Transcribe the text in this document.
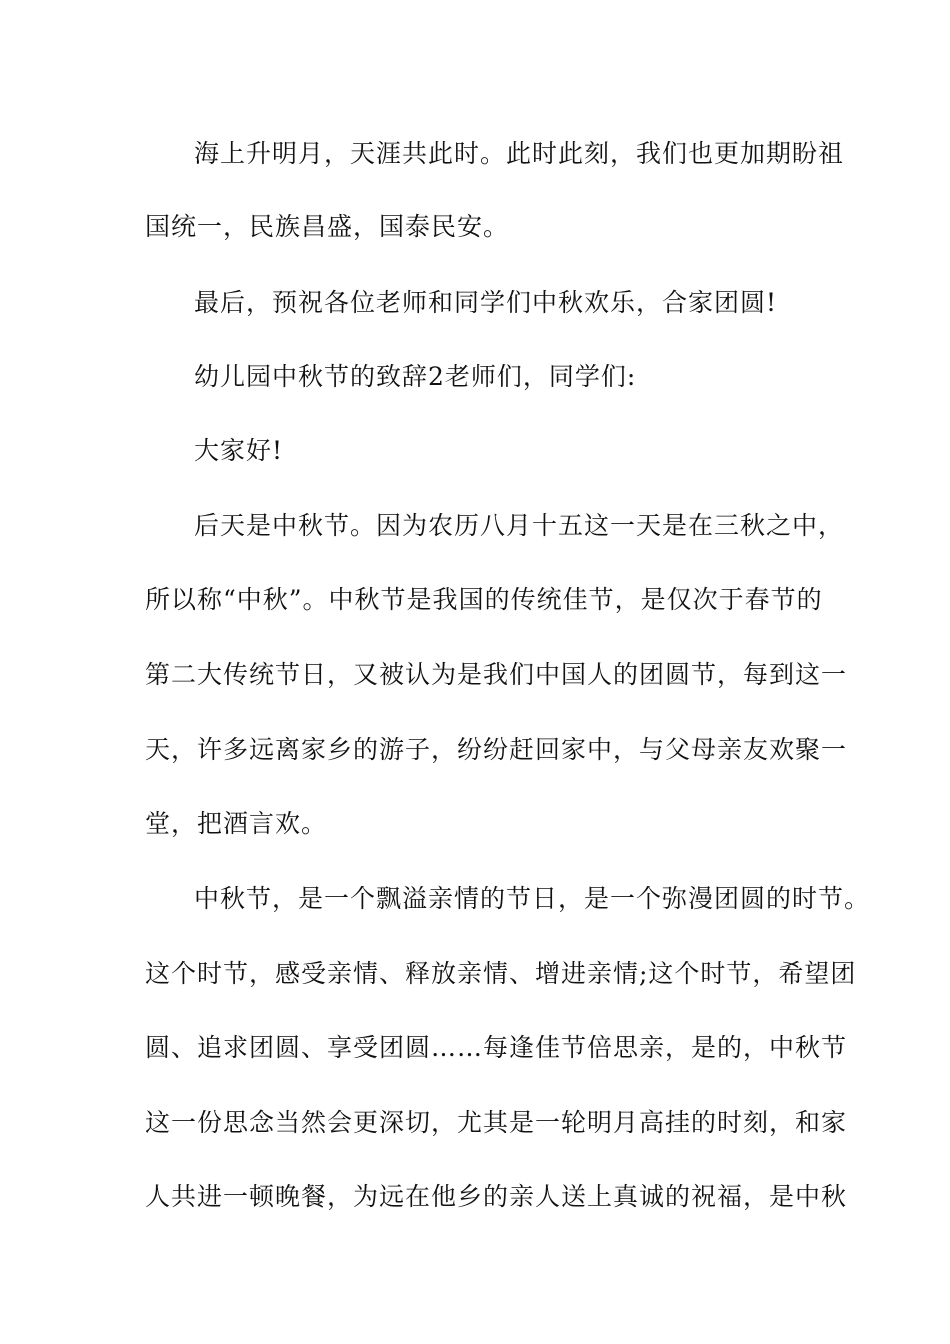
海上升明月，天涯共此时。此时此刻，我们也更加期盼祖
国统一，民族昌盛，国泰民安。
最后，预祝各位老师和同学们中秋欢乐，合家团圆!
幼儿园中秋节的致辞2老师们，同学们:
大家好!
后天是中秋节。因为农历八月十五这一天是在三秋之中，
所以称“中秋”。中秋节是我国的传统佳节，是仅次于春节的
第二大传统节日，又被认为是我们中国人的团圆节，每到这一
天，许多远离家乡的游子，纷纷赶回家中，与父母亲友欢聚一
堂，把酒言欢。
中秋节，是一个飘溢亲情的节日，是一个弥漫团圆的时节。
这个时节，感受亲情、释放亲情、增进亲情;这个时节，希望团
圆、追求团圆、享受团圆……每逢佳节倍思亲，是的，中秋节
这一份思念当然会更深切，尤其是一轮明月高挂的时刻，和家
人共进一顿晚餐，为远在他乡的亲人送上真诚的祝福，是中秋
